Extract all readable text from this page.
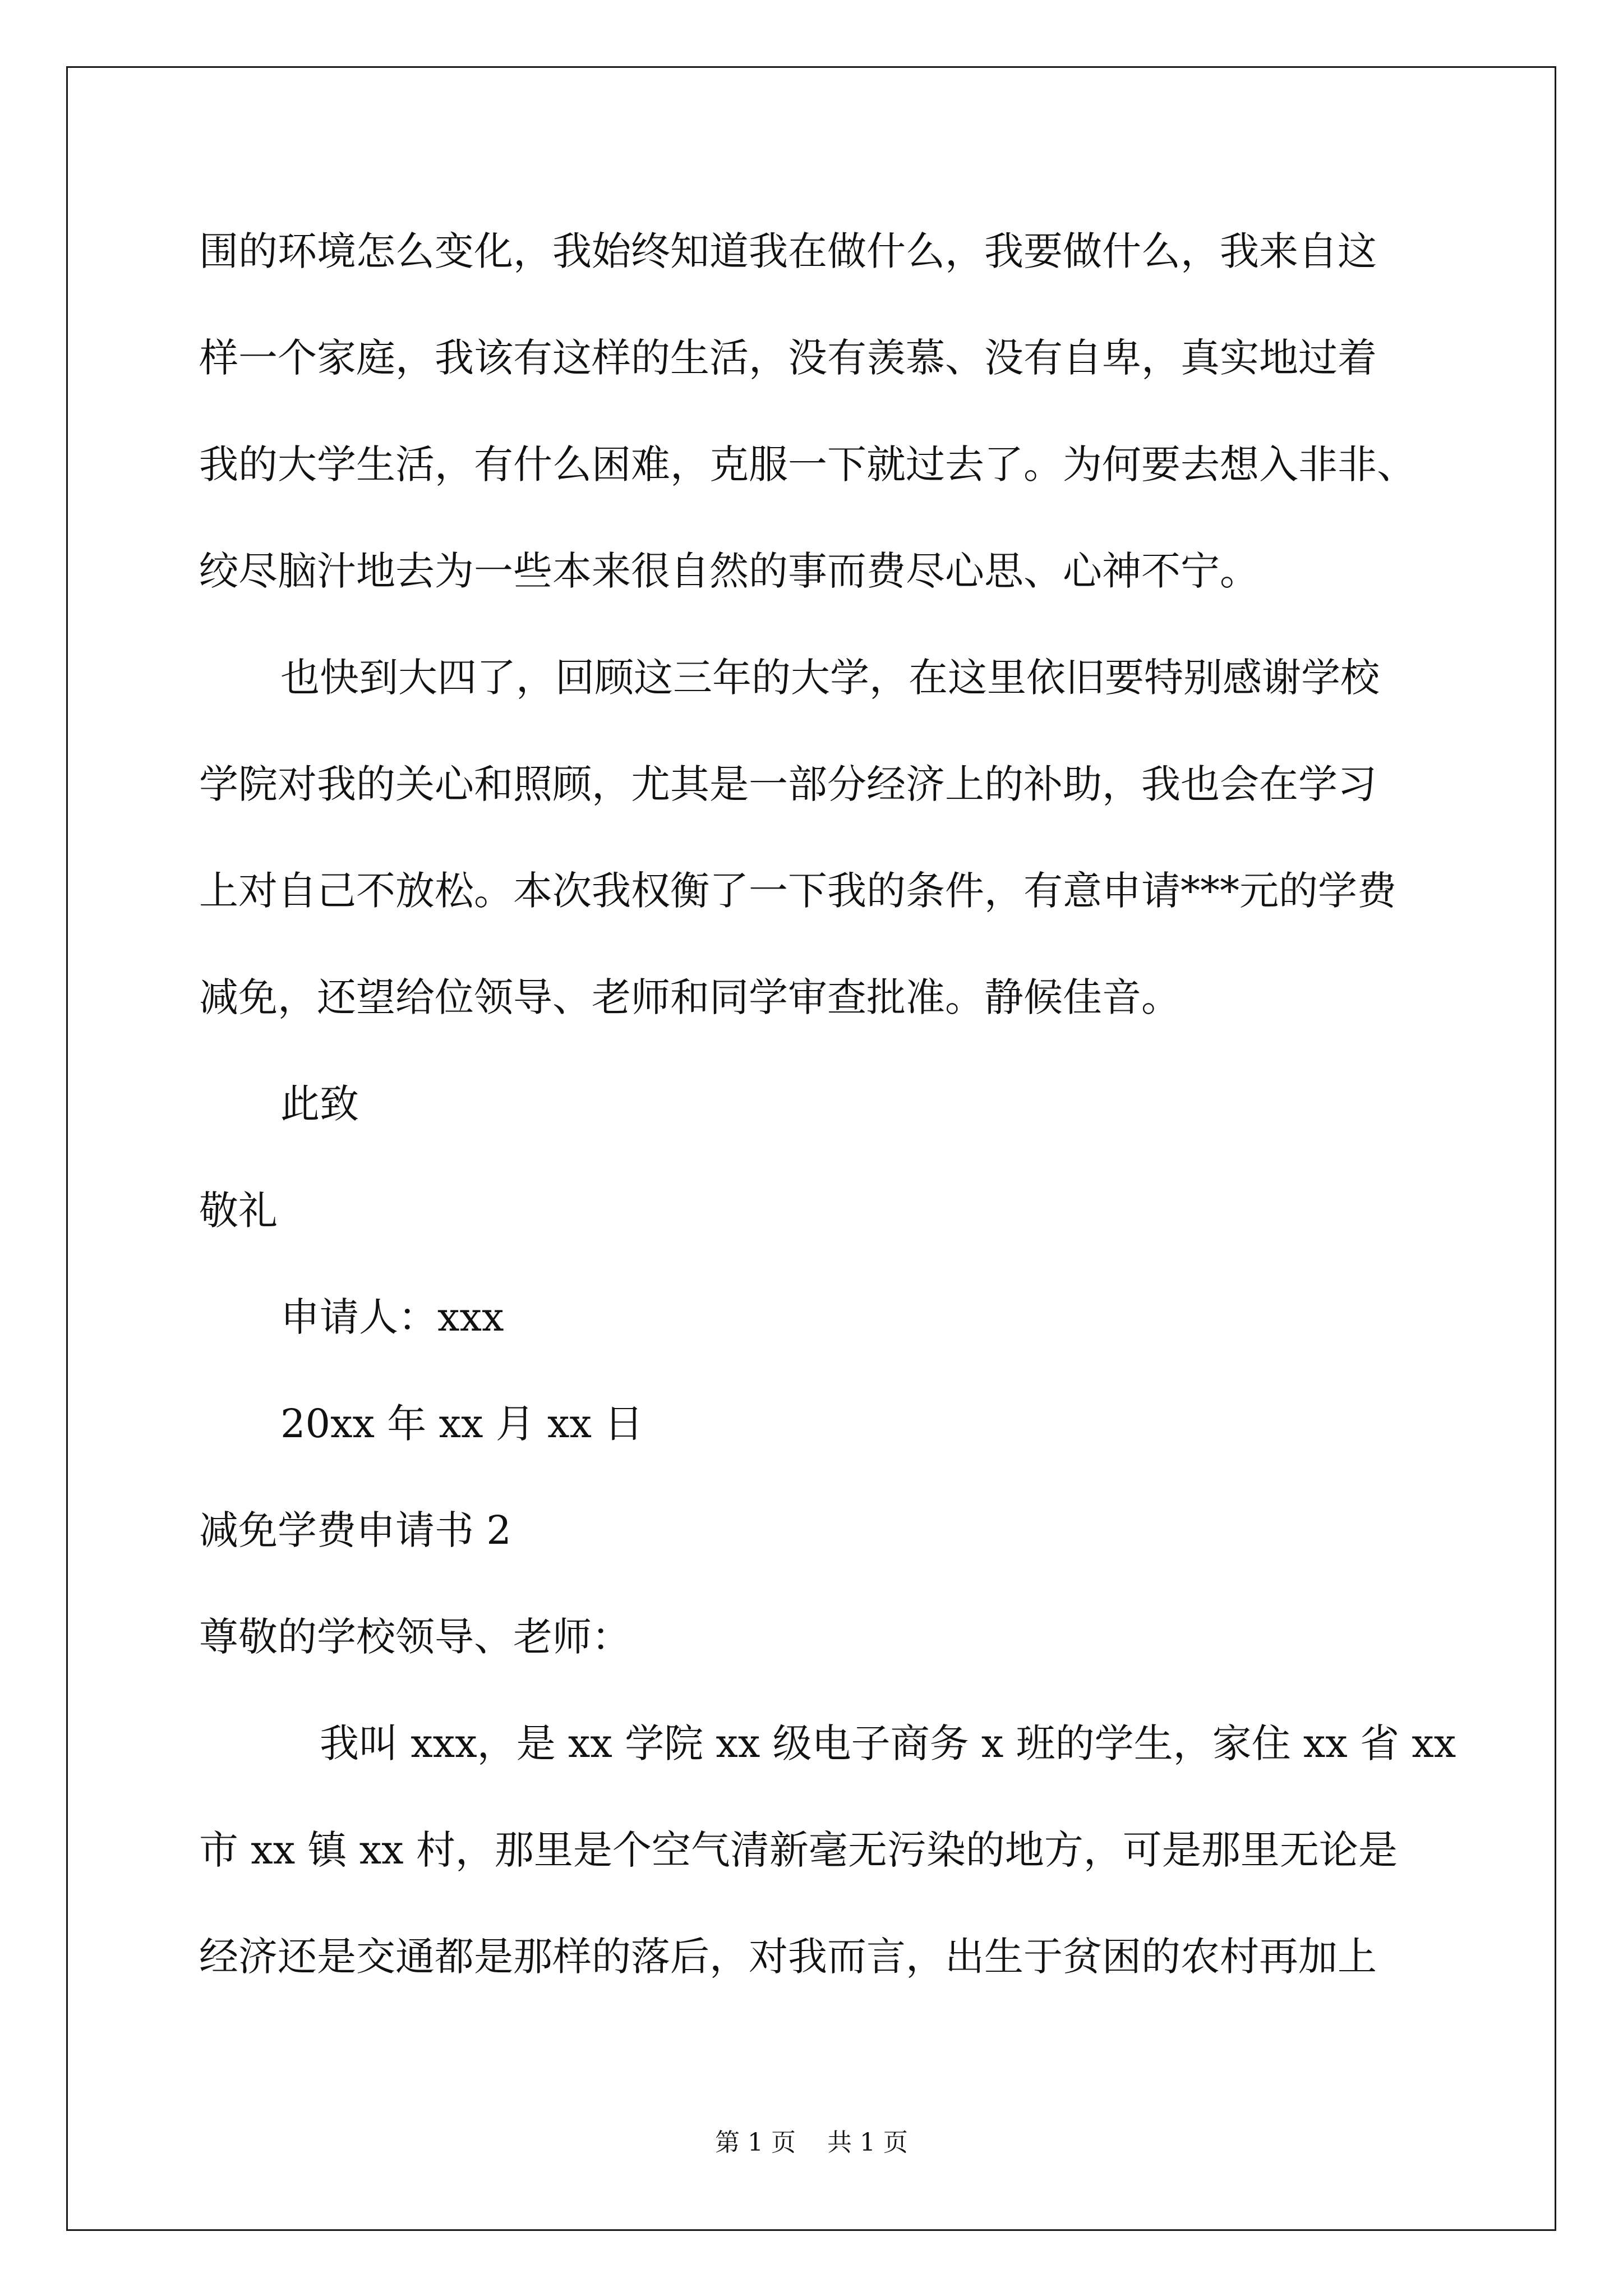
围的环境怎么变化，我始终知道我在做什么，我要做什么，我来自这

样一个家庭，我该有这样的生活，没有羡慕、没有自卑，真实地过着

我的大学生活，有什么困难，克服一下就过去了。为何要去想入非非、

绞尽脑汁地去为一些本来很自然的事而费尽心思、心神不宁。

也快到大四了，回顾这三年的大学，在这里依旧要特别感谢学校

学院对我的关心和照顾，尤其是一部分经济上的补助，我也会在学习

上对自己不放松。本次我权衡了一下我的条件，有意申请***元的学费

减免，还望给位领导、老师和同学审查批准。静候佳音。

此致

敬礼

申请人：xxx

20xx 年 xx 月 xx 日

减免学费申请书 2

尊敬的学校领导、老师：

我叫 xxx，是 xx 学院 xx 级电子商务 x 班的学生，家住 xx 省 xx

市 xx 镇 xx 村，那里是个空气清新毫无污染的地方，可是那里无论是

经济还是交通都是那样的落后，对我而言，出生于贫困的农村再加上

第 1 页    共 1 页
